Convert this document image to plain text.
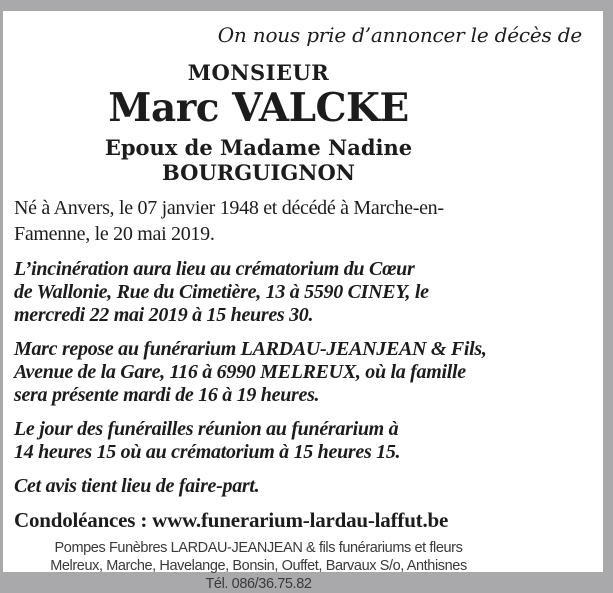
On nous prie d’annoncer le décès de
MONSIEUR
Marc VALCKE
Epoux de Madame Nadine BOURGUIGNON
Né à Anvers, le 07 janvier 1948 et décédé à Marche-en-
Famenne, le 20 mai 2019.
L’incinération aura lieu au crématorium du Cœur
de Wallonie, Rue du Cimetière, 13 à 5590 CINEY, le
mercredi 22 mai 2019 à 15 heures 30.
Marc repose au funérarium LARDAU-JEANJEAN & Fils,
Avenue de la Gare, 116 à 6990 MELREUX, où la famille
sera présente mardi de 16 à 19 heures.
Le jour des funérailles réunion au funérarium à
14 heures 15 où au crématorium à 15 heures 15.
Cet avis tient lieu de faire-part.
Condoléances : www.funerarium-lardau-laffut.be
Pompes Funèbres LARDAU-JEANJEAN & fils funérariums et fleurs
Melreux, Marche, Havelange, Bonsin, Ouffet, Barvaux S/o, Anthisnes
Tél. 086/36.75.82
